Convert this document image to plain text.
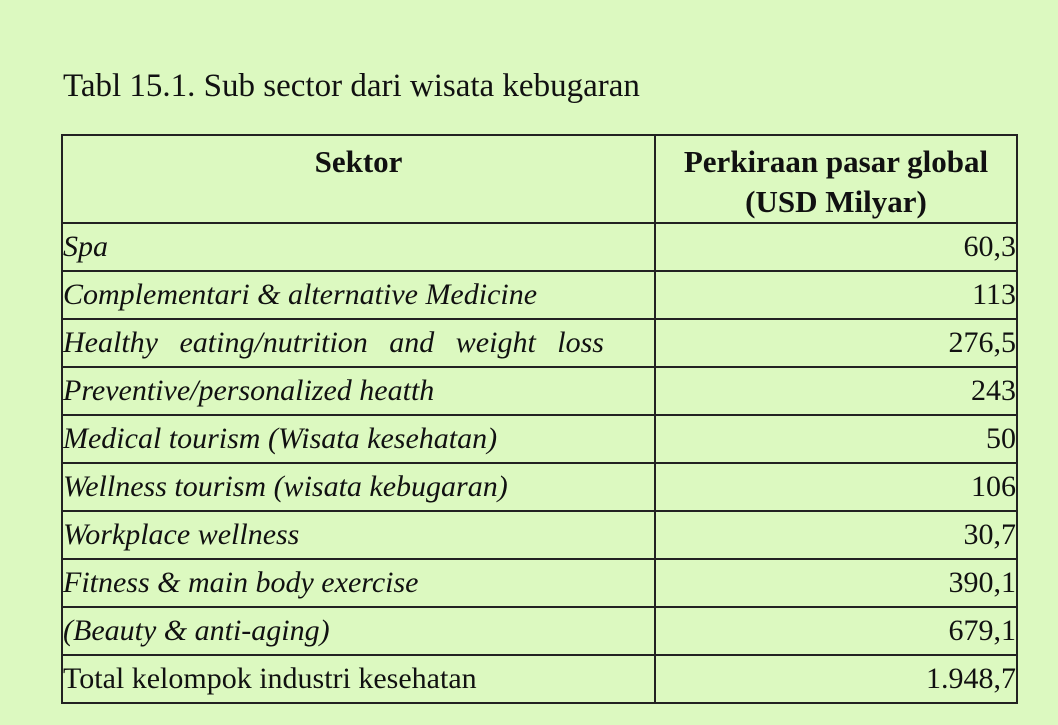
Tabl 15.1. Sub sector dari wisata kebugaran
Sektor	Perkiraan pasar global
(USD Milyar)

Spa	60,3
Complementari & alternative Medicine	113
Healthy eating/nutrition and weight loss	276,5
Preventive/personalized heatth	243
Medical tourism (Wisata kesehatan)	50
Wellness tourism (wisata kebugaran)	106
Workplace wellness	30,7
Fitness & main body exercise	390,1
(Beauty & anti-aging)	679,1
Total kelompok industri kesehatan	1.948,7
